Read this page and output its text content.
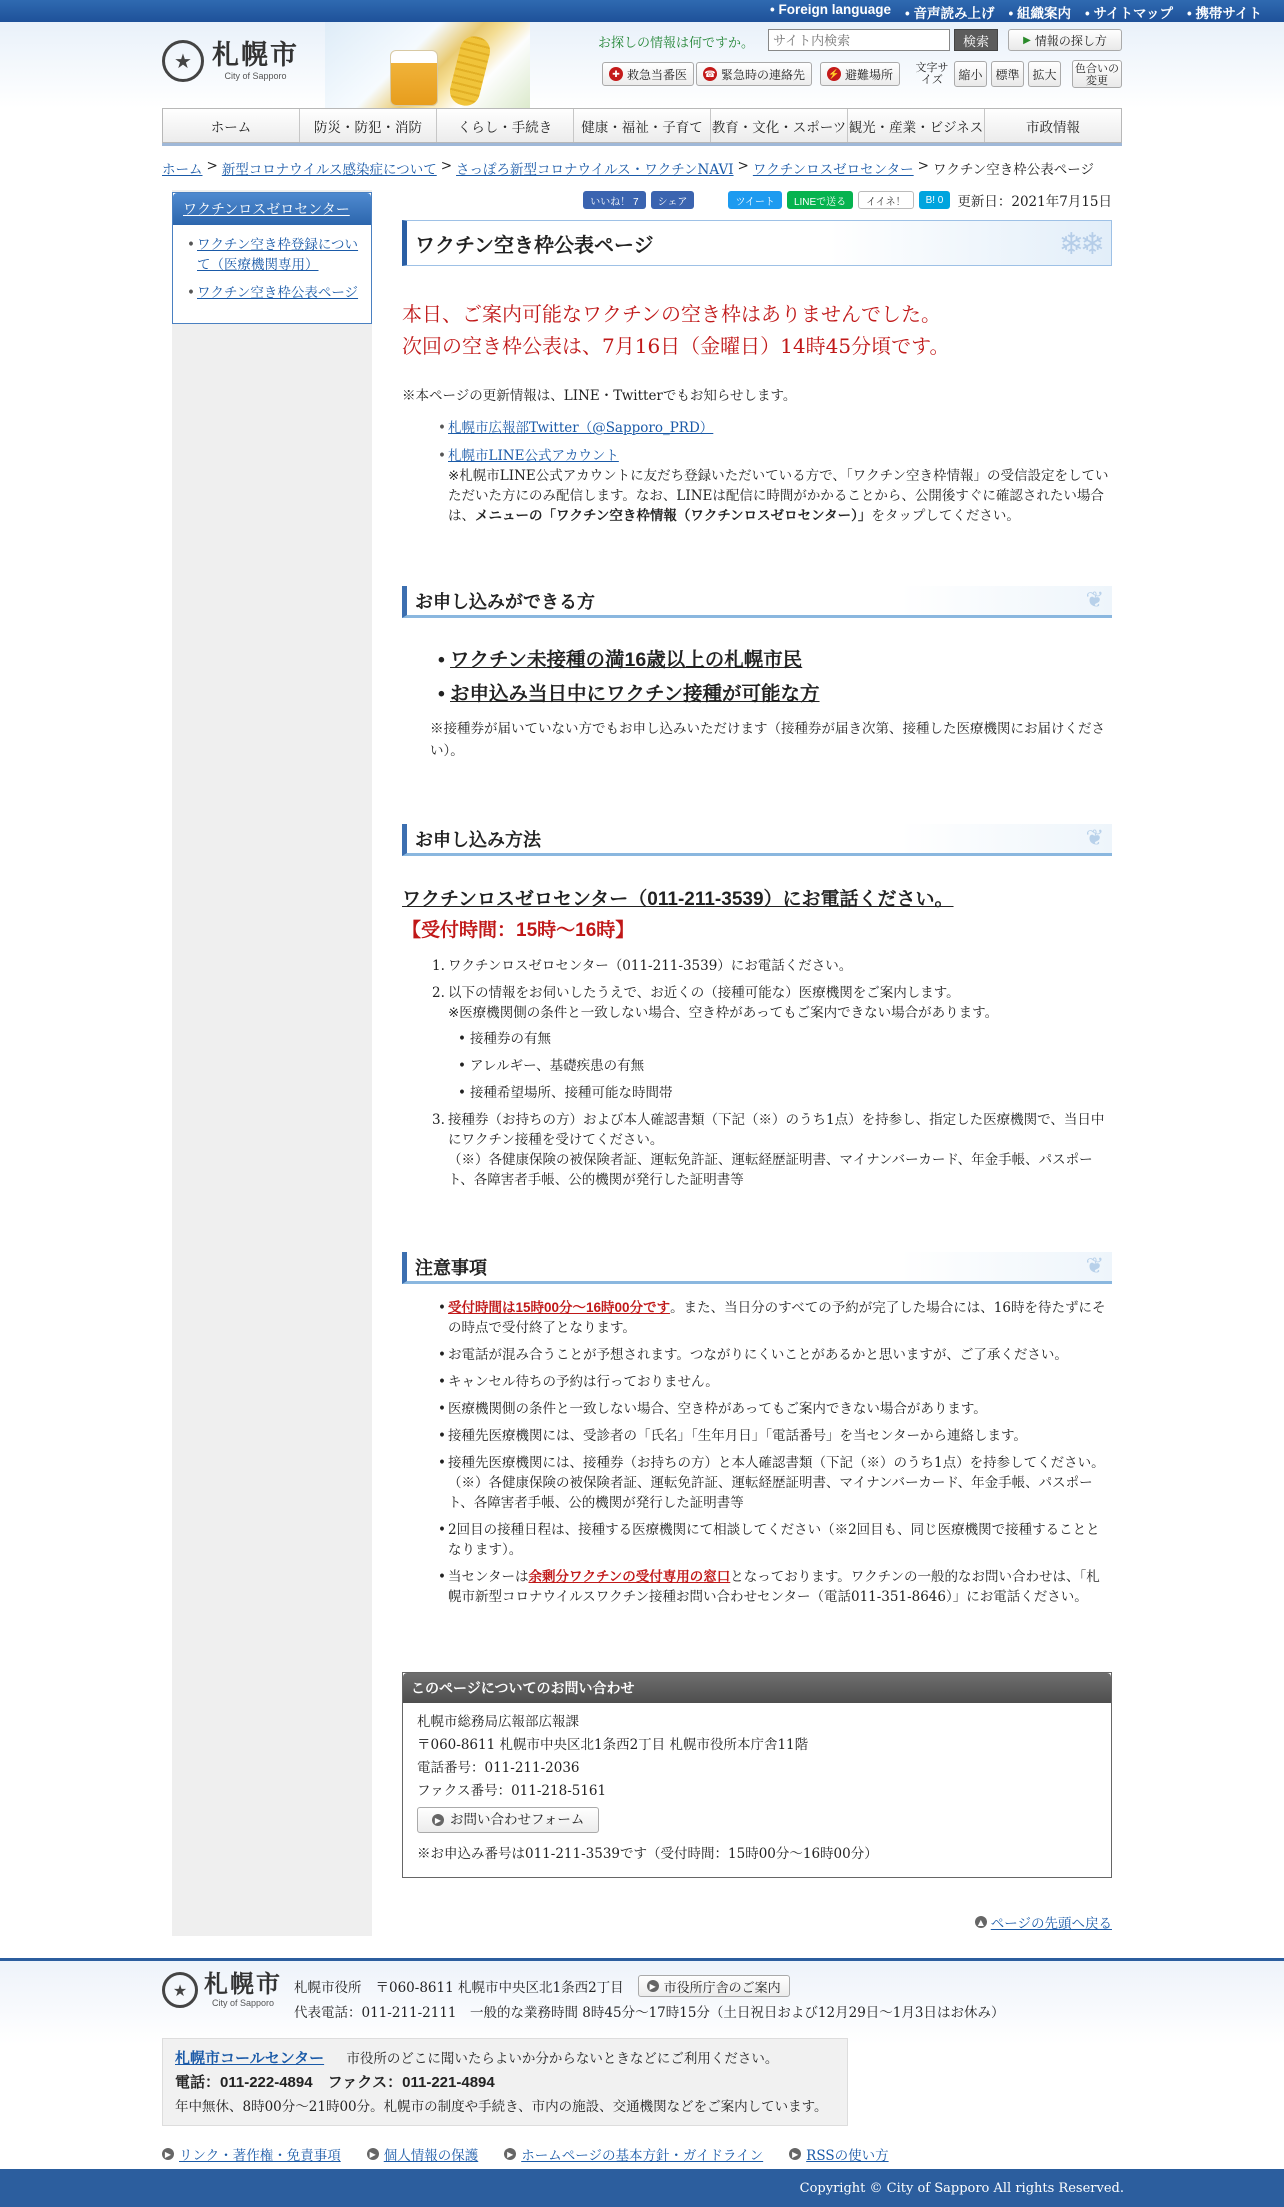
• Foreign language	• 音声読み上げ	• 組織案内	• サイトマップ	• 携帯サイト
★ 札幌市
City of Sapporo
お探しの情報は何ですか。
サイト内検索	検索	▶ 情報の探し方
✚ 救急当番医 ☎ 緊急時の連絡先	⚡ 避難場所 文字サイズ	縮小	標準	拡大	色合いの変更
ホーム	防災・防犯・消防	くらし・手続き	健康・福祉・子育て 教育・文化・スポーツ 観光・産業・ビジネス	市政情報
ホーム > 新型コロナウイルス感染症について > さっぽろ新型コロナウイルス・ワクチンNAVI > ワクチンロスゼロセンター > ワクチン空き枠公表ページ
ワクチンロスゼロセンター
• ワクチン空き枠登録について（医療機関専用）
• ワクチン空き枠公表ページ
いいね！ 7	シェア	ツイート	LINEで送る	イイネ！	B! 0	更新日：2021年7月15日
ワクチン空き枠公表ページ	❄❄
本日、ご案内可能なワクチンの空き枠はありませんでした。
次回の空き枠公表は、7月16日（金曜日）14時45分頃です。
※本ページの更新情報は、LINE・Twitterでもお知らせします。
• 札幌市広報部Twitter（@Sapporo_PRD）
• 札幌市LINE公式アカウント
※札幌市LINE公式アカウントに友だち登録いただいている方で、「ワクチン空き枠情報」の受信設定をしていただいた方にのみ配信します。なお、LINEは配信に時間がかかることから、公開後すぐに確認されたい場合は、メニューの「ワクチン空き枠情報（ワクチンロスゼロセンター）」をタップしてください。
お申し込みができる方	❦
• ワクチン未接種の満16歳以上の札幌市民
• お申込み当日中にワクチン接種が可能な方
※接種券が届いていない方でもお申し込みいただけます（接種券が届き次第、接種した医療機関にお届けください）。
お申し込み方法	❦
ワクチンロスゼロセンター（011-211-3539）にお電話ください。
【受付時間：15時～16時】
1. ワクチンロスゼロセンター（011-211-3539）にお電話ください。
2. 以下の情報をお伺いしたうえで、お近くの（接種可能な）医療機関をご案内します。
※医療機関側の条件と一致しない場合、空き枠があってもご案内できない場合があります。
• 接種券の有無
• アレルギー、基礎疾患の有無
• 接種希望場所、接種可能な時間帯
3. 接種券（お持ちの方）および本人確認書類（下記（※）のうち1点）を持参し、指定した医療機関で、当日中にワクチン接種を受けてください。
（※）各健康保険の被保険者証、運転免許証、運転経歴証明書、マイナンバーカード、年金手帳、パスポート、各障害者手帳、公的機関が発行した証明書等
注意事項	❦
• 受付時間は15時00分～16時00分です。また、当日分のすべての予約が完了した場合には、16時を待たずにその時点で受付終了となります。
• お電話が混み合うことが予想されます。つながりにくいことがあるかと思いますが、ご了承ください。
• キャンセル待ちの予約は行っておりません。
• 医療機関側の条件と一致しない場合、空き枠があってもご案内できない場合があります。
• 接種先医療機関には、受診者の「氏名」「生年月日」「電話番号」を当センターから連絡します。
• 接種先医療機関には、接種券（お持ちの方）と本人確認書類（下記（※）のうち1点）を持参してください。
（※）各健康保険の被保険者証、運転免許証、運転経歴証明書、マイナンバーカード、年金手帳、パスポート、各障害者手帳、公的機関が発行した証明書等
• 2回目の接種日程は、接種する医療機関にて相談してください（※2回目も、同じ医療機関で接種することとなります）。
• 当センターは余剰分ワクチンの受付専用の窓口となっております。ワクチンの一般的なお問い合わせは、「札幌市新型コロナウイルスワクチン接種お問い合わせセンター（電話011-351-8646）」にお電話ください。
このページについてのお問い合わせ
札幌市総務局広報部広報課
〒060-8611 札幌市中央区北1条西2丁目 札幌市役所本庁舎11階
電話番号：011-211-2036
ファクス番号：011-218-5161
▶ お問い合わせフォーム
※お申込み番号は011-211-3539です（受付時間：15時00分～16時00分）
▲ ページの先頭へ戻る
★ 札幌市
City of Sapporo
札幌市役所 〒060-8611 札幌市中央区北1条西2丁目	▶ 市役所庁舎のご案内
代表電話：011-211-2111　一般的な業務時間 8時45分～17時15分（土日祝日および12月29日～1月3日はお休み）
札幌市コールセンター 市役所のどこに聞いたらよいか分からないときなどにご利用ください。
電話：011-222-4894　ファクス：011-221-4894
年中無休、8時00分～21時00分。札幌市の制度や手続き、市内の施設、交通機関などをご案内しています。
▶ リンク・著作権・免責事項	▶ 個人情報の保護	▶ ホームページの基本方針・ガイドライン	▶ RSSの使い方
Copyright © City of Sapporo All rights Reserved.
